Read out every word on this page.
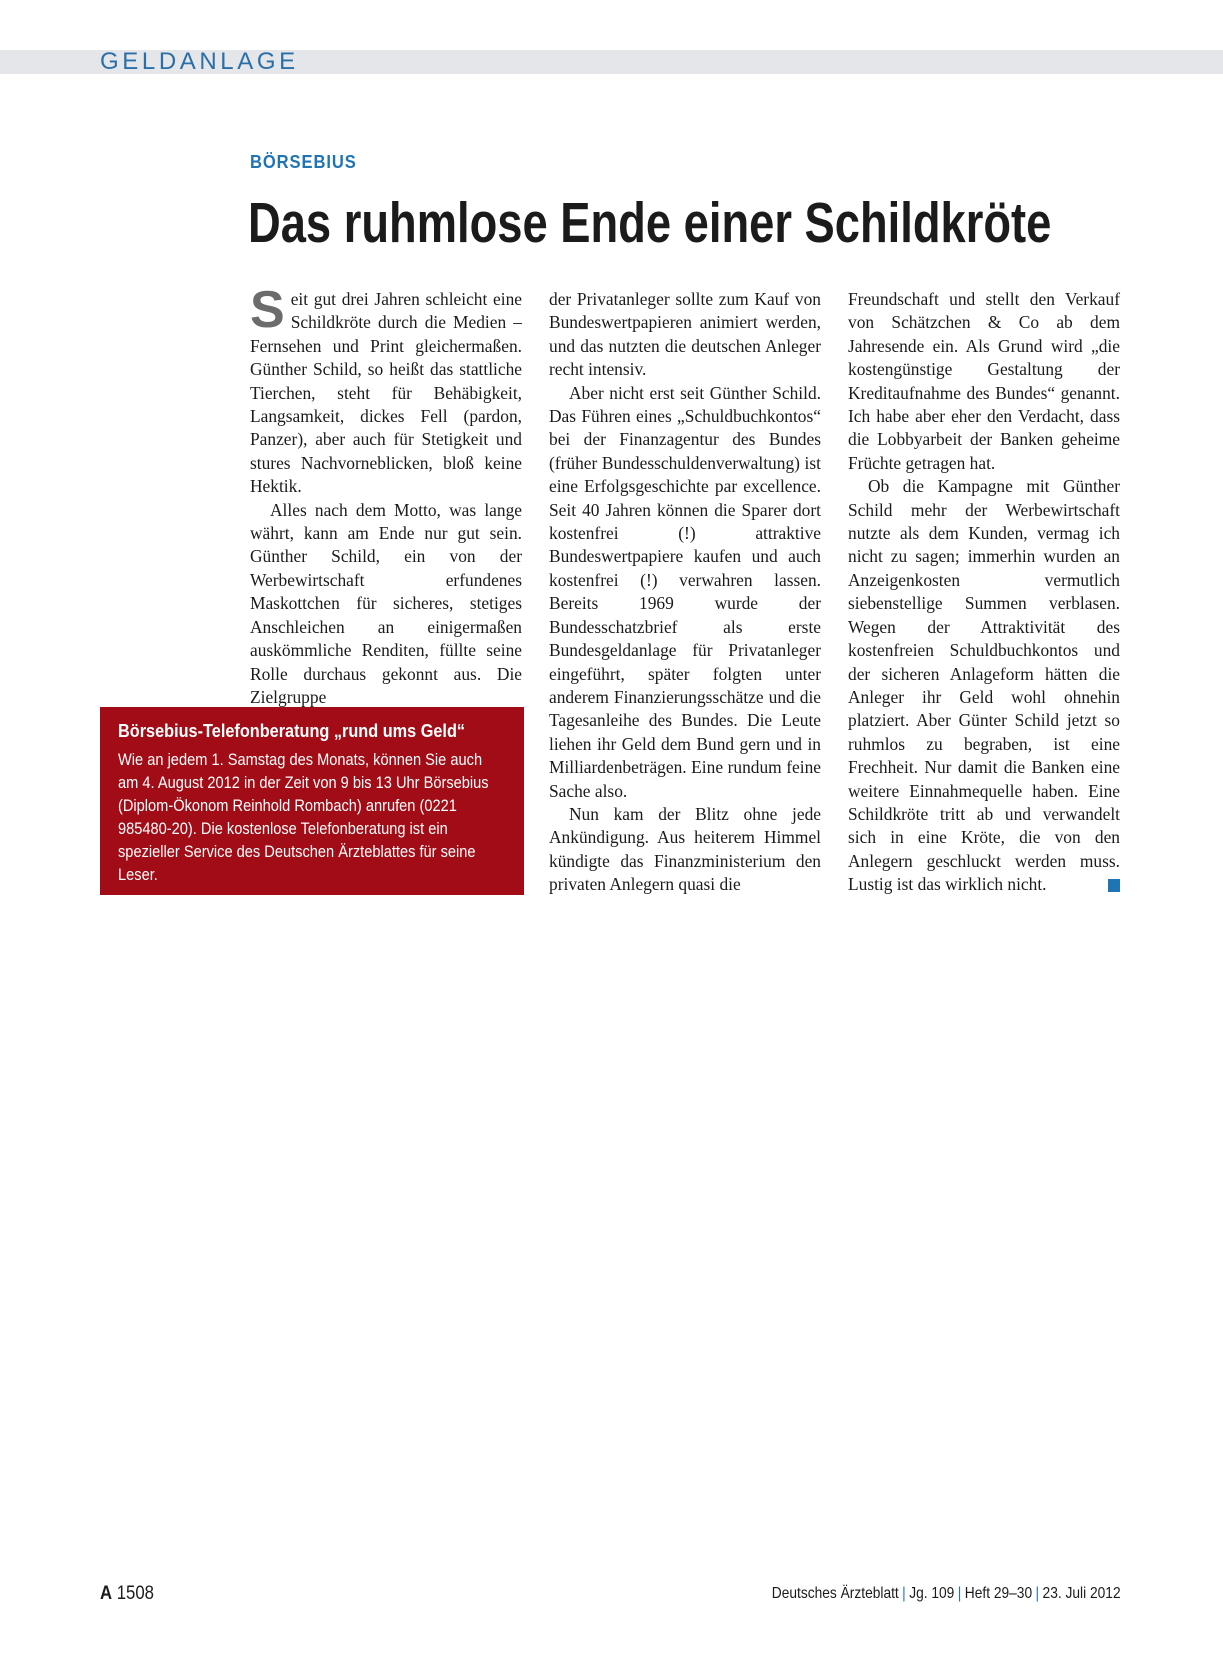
GELDANLAGE
BÖRSEBIUS
Das ruhmlose Ende einer Schildkröte

Seit gut drei Jahren schleicht eine Schildkröte durch die Medien – Fernsehen und Print gleichermaßen. Günther Schild, so heißt das stattliche Tierchen, steht für Behäbigkeit, Langsamkeit, dickes Fell (pardon, Panzer), aber auch für Stetigkeit und stures Nachvorneblicken, bloß keine Hektik.

Alles nach dem Motto, was lange währt, kann am Ende nur gut sein. Günther Schild, ein von der Werbewirtschaft erfundenes Maskottchen für sicheres, stetiges Anschleichen an einigermaßen auskömmliche Renditen, füllte seine Rolle durchaus gekonnt aus. Die Zielgruppe

der Privatanleger sollte zum Kauf von Bundeswertpapieren animiert werden, und das nutzten die deutschen Anleger recht intensiv.

Aber nicht erst seit Günther Schild. Das Führen eines „Schuldbuchkontos“ bei der Finanzagentur des Bundes (früher Bundesschuldenverwaltung) ist eine Erfolgsgeschichte par excellence. Seit 40 Jahren können die Sparer dort kostenfrei (!) attraktive Bundeswertpapiere kaufen und auch kostenfrei (!) verwahren lassen. Bereits 1969 wurde der Bundesschatzbrief als erste Bundesgeldanlage für Privatanleger eingeführt, später folgten unter anderem Finanzierungsschätze und die Tagesanleihe des Bundes. Die Leute liehen ihr Geld dem Bund gern und in Milliardenbeträgen. Eine rundum feine Sache also.

Nun kam der Blitz ohne jede Ankündigung. Aus heiterem Himmel kündigte das Finanzministerium den privaten Anlegern quasi die

Freundschaft und stellt den Verkauf von Schätzchen & Co ab dem Jahresende ein. Als Grund wird „die kostengünstige Gestaltung der Kreditaufnahme des Bundes“ genannt. Ich habe aber eher den Verdacht, dass die Lobbyarbeit der Banken geheime Früchte getragen hat.

Ob die Kampagne mit Günther Schild mehr der Werbewirtschaft nutzte als dem Kunden, vermag ich nicht zu sagen; immerhin wurden an Anzeigenkosten vermutlich siebenstellige Summen verblasen. Wegen der Attraktivität des kostenfreien Schuldbuchkontos und der sicheren Anlageform hätten die Anleger ihr Geld wohl ohnehin platziert. Aber Günter Schild jetzt so ruhmlos zu begraben, ist eine Frechheit. Nur damit die Banken eine weitere Einnahmequelle haben. Eine Schildkröte tritt ab und verwandelt sich in eine Kröte, die von den Anlegern geschluckt werden muss. Lustig ist das wirklich nicht.

Börsebius-Telefonberatung „rund ums Geld“
Wie an jedem 1. Samstag des Monats, können Sie auch am 4. August 2012 in der Zeit von 9 bis 13 Uhr Börsebius (Diplom-Ökonom Reinhold Rombach) anrufen (0221 985480-20). Die kostenlose Telefonberatung ist ein spezieller Service des Deutschen Ärzteblattes für seine Leser.
A 1508	Deutsches Ärzteblatt | Jg. 109 | Heft 29–30 | 23. Juli 2012
